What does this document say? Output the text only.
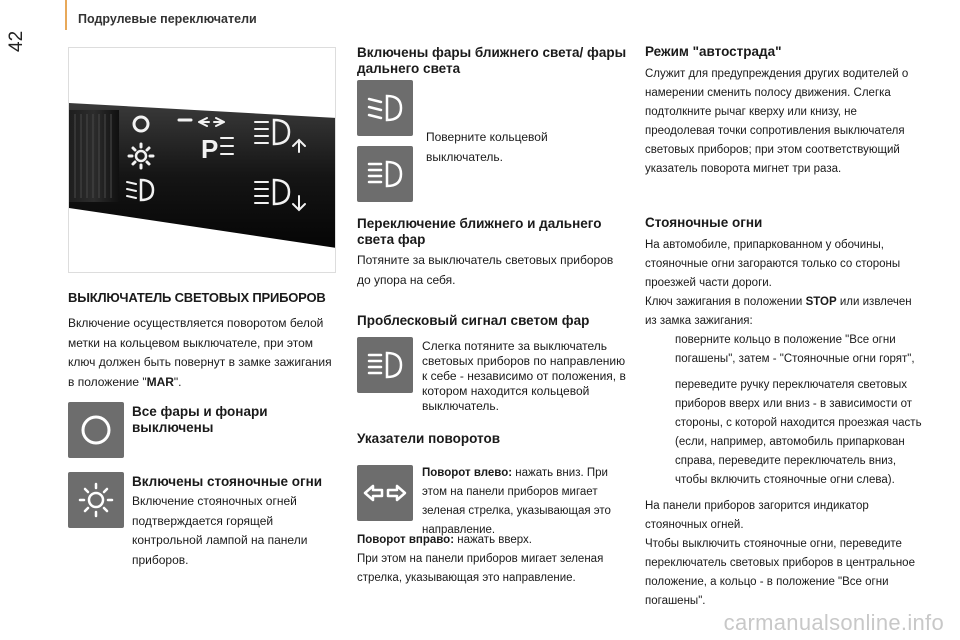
42
Подрулевые переключатели
P
ВЫКЛЮЧАТЕЛЬ СВЕТОВЫХ ПРИБОРОВ
Включение осуществляется поворотом белой метки на кольцевом выключателе, при этом ключ должен быть повернут в замке зажигания в положение "MAR".
Все фары и фонари выключены
Включены стояночные огни
Включение стояночных огней подтверждается горящей контрольной лампой на панели приборов.
Включены фары ближнего света/ фары дальнего света
Поверните кольцевой выключатель.
Переключение ближнего и дальнего света фар
Потяните за выключатель световых приборов до упора на себя.
Проблесковый сигнал светом фар
Слегка потяните за выключатель световых приборов по направлению к себе - независимо от положения, в котором находится кольцевой выключатель.
Указатели поворотов
Поворот влево: нажать вниз. При этом на панели приборов мигает зеленая стрелка, указывающая это направление.
Поворот вправо: нажать вверх.
При этом на панели приборов мигает зеленая стрелка, указывающая это направление.
Режим "автострада"
Служит для предупреждения других водителей о намерении сменить полосу движения. Слегка подтолкните рычаг кверху или книзу, не преодолевая точки сопротивления выключателя световых приборов; при этом соответствующий указатель поворота мигнет три раза.
Стояночные огни
На автомобиле, припаркованном у обочины, стояночные огни загораются только со стороны проезжей части дороги.
Ключ зажигания в положении STOP или извлечен из замка зажигания:
поверните кольцо в положение "Все огни погашены", затем - "Стояночные огни горят",
переведите ручку переключателя световых приборов вверх или вниз - в зависимости от стороны, с которой находится проезжая часть (если, например, автомобиль припаркован справа, переведите переключатель вниз, чтобы включить стояночные огни слева).
На панели приборов загорится индикатор стояночных огней.
Чтобы выключить стояночные огни, переведите переключатель световых приборов в центральное положение, а кольцо - в положение "Все огни погашены".
carmanualsonline.info
